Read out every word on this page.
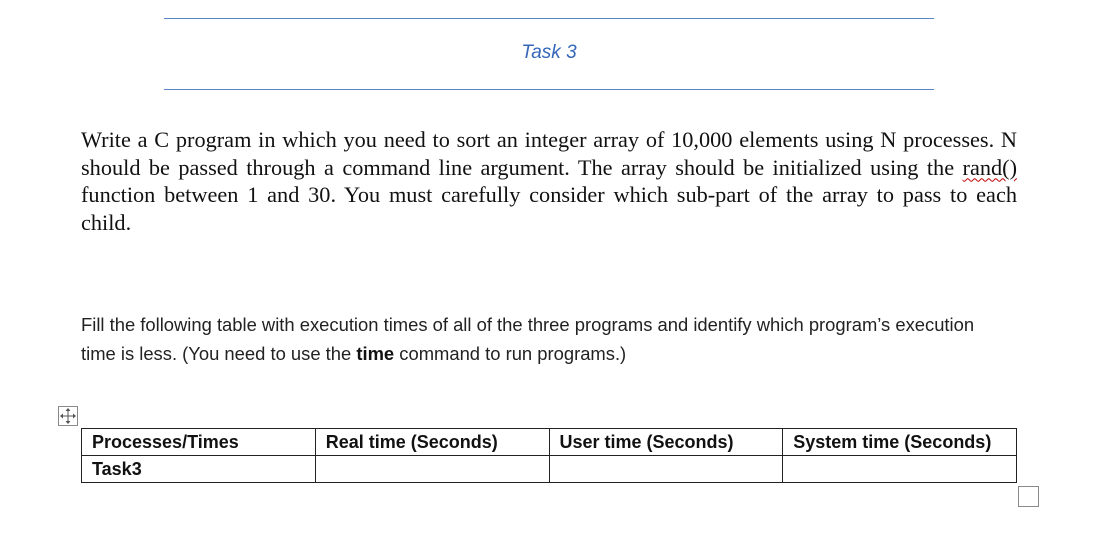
Task 3

Write a C program in which you need to sort an integer array of 10,000 elements using N processes. N should be passed through a command line argument. The array should be initialized using the rand() function between 1 and 30. You must carefully consider which sub-part of the array to pass to each child.

Fill the following table with execution times of all of the three programs and identify which program’s execution time is less. (You need to use the time command to run programs.)

Processes/Times	Real time (Seconds)	User time (Seconds)	System time (Seconds)
Task3			
